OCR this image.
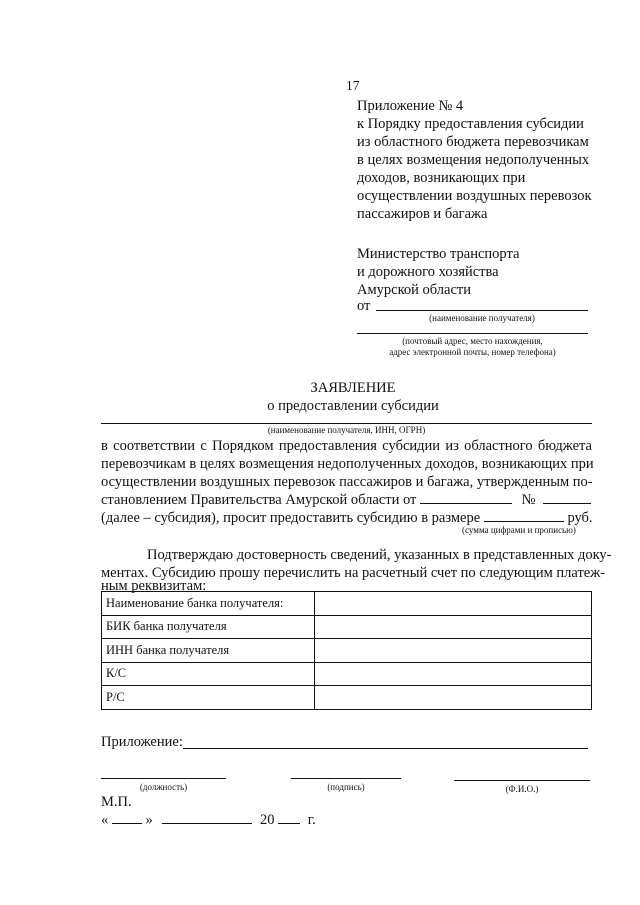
17
Приложение № 4
к Порядку предоставления субсидии
из областного бюджета перевозчикам
в целях возмещения недополученных
доходов, возникающих при
осуществлении воздушных перевозок
пассажиров и багажа
Министерство транспорта
и дорожного хозяйства
Амурской области
от
(наименование получателя)
(почтовый адрес, место нахождения,
адрес электронной почты, номер телефона)
ЗАЯВЛЕНИЕ
о предоставлении субсидии
(наименование получателя, ИНН, ОГРН)
в соответствии с Порядком предоставления субсидии из областного бюджета
перевозчикам в целях возмещения недополученных доходов, возникающих при
осуществлении воздушных перевозок пассажиров и багажа, утвержденным по-
становлением Правительства Амурской области от	№
(далее – субсидия), просит предоставить субсидию в размере	руб.
(сумма цифрами и прописью)
Подтверждаю достоверность сведений, указанных в представленных доку-
ментах. Субсидию прошу перечислить на расчетный счет по следующим платеж-
ным реквизитам:
Наименование банка получателя:	
БИК банка получателя	
ИНН банка получателя	
К/С	
Р/С	
Приложение:
(должность)	(подпись)	(Ф.И.О.)
М.П.
«	»	20 г.
